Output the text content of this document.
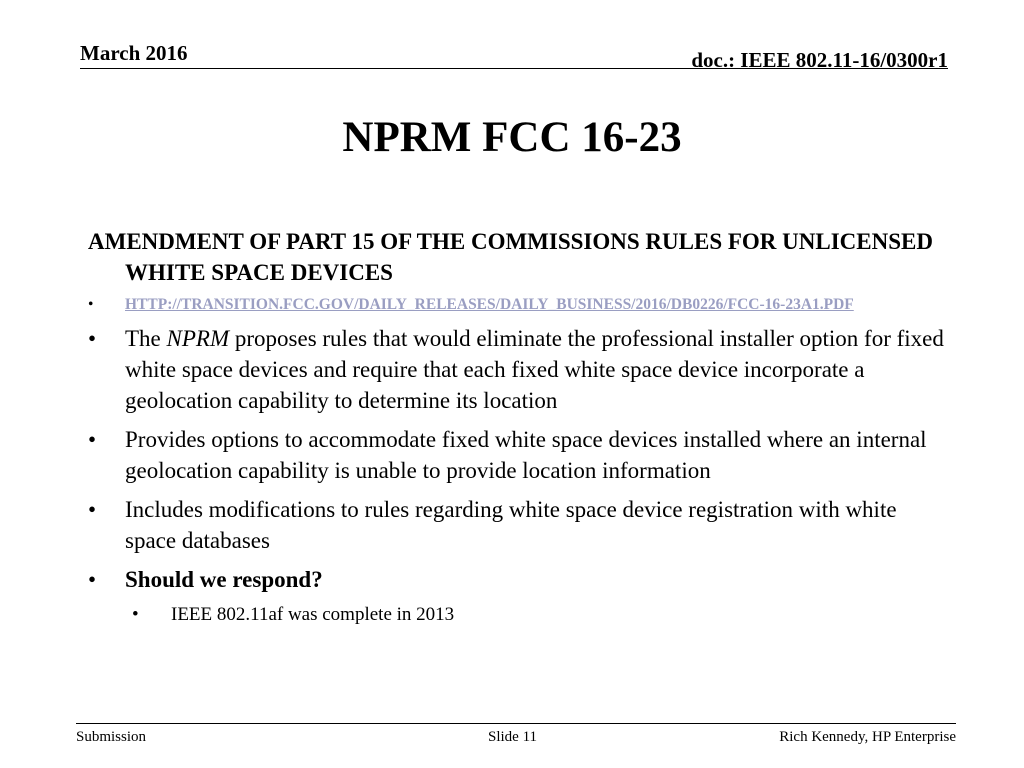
March 2016	doc.: IEEE 802.11-16/0300r1
NPRM FCC 16-23
AMENDMENT OF PART 15 OF THE COMMISSIONS RULES FOR UNLICENSED WHITE SPACE DEVICES
• HTTP://TRANSITION.FCC.GOV/DAILY_RELEASES/DAILY_BUSINESS/2016/DB0226/FCC-16-23A1.PDF
• The NPRM proposes rules that would eliminate the professional installer option for fixed white space devices and require that each fixed white space device incorporate a geolocation capability to determine its location
• Provides options to accommodate fixed white space devices installed where an internal geolocation capability is unable to provide location information
• Includes modifications to rules regarding white space device registration with white space databases
• Should we respond?
• IEEE 802.11af was complete in 2013
Submission	Slide 11	Rich Kennedy, HP Enterprise
